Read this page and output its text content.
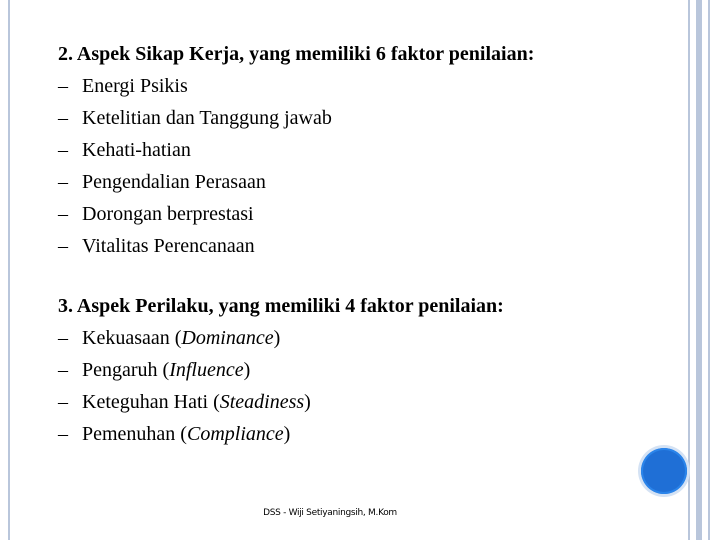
2. Aspek Sikap Kerja, yang memiliki 6 faktor penilaian:
– Energi Psikis
– Ketelitian dan Tanggung jawab
– Kehati-hatian
– Pengendalian Perasaan
– Dorongan berprestasi
– Vitalitas Perencanaan
3. Aspek Perilaku, yang memiliki 4 faktor penilaian:
– Kekuasaan (Dominance)
– Pengaruh (Influence)
– Keteguhan Hati (Steadiness)
– Pemenuhan (Compliance)
DSS - Wiji Setiyaningsih, M.Kom
